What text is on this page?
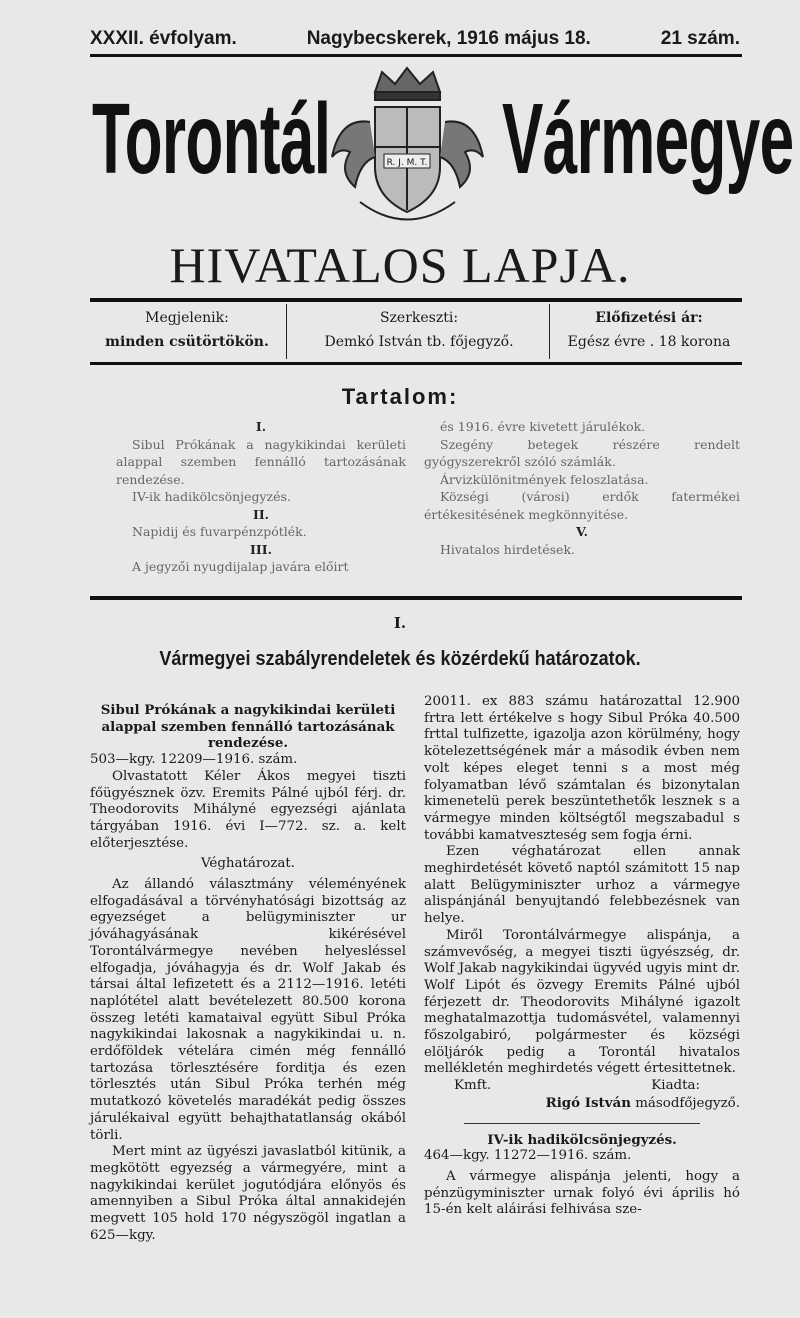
XXXII. évfolyam.	Nagybecskerek, 1916 május 18.	21 szám.
Torontál Vármegye
R. J. M. T.
HIVATALOS LAPJA.
Megjelenik:
minden csütörtökön.
Szerkeszti:
Demkó István tb. főjegyző.
Előfizetési ár:
Egész évre . 18 korona
Tartalom:
I.
Sibul Prókának a nagykikindai kerületi alappal szemben fennálló tartozásának rendezése.
IV-ik hadikölcsönjegyzés.
II.
Napidij és fuvarpénzpótlék.
III.
A jegyzői nyugdijalap javára előirt
és 1916. évre kivetett járulékok.
Szegény betegek részére rendelt gyógyszerekről szóló számlák.
Árvizkülönitmények feloszlatása.
Községi (városi) erdők fatermékei értékesitésének megkönnyitése.
V.
Hivatalos hirdetések.
I.
Vármegyei szabályrendeletek és közérdekű határozatok.

Sibul Prókának a nagykikindai kerületi alappal szemben fennálló tartozásának rendezése.

503—kgy. 12209—1916. szám.

Olvastatott Kéler Ákos megyei tiszti főügyésznek özv. Eremits Pálné ujból férj. dr. Theodorovits Mihályné egyezségi ajánlata tárgyában 1916. évi I—772. sz. a. kelt előterjesztése.

Véghatározat.

Az állandó választmány véleményének elfogadásával a törvényhatósági bizottság az egyezséget a belügyminiszter ur jóváhagyásának kikérésével Torontálvármegye nevében helyesléssel elfogadja, jóváhagyja és dr. Wolf Jakab és társai által lefizetett és a 2112—1916. letéti naplótétel alatt bevételezett 80.500 korona összeg letéti kamataival együtt Sibul Próka nagykikindai lakosnak a nagykikindai u. n. erdőföldek vételára cimén még fennálló tartozása törlesztésére forditja és ezen törlesztés után Sibul Próka terhén még mutatkozó követelés maradékát pedig összes járulékaival együtt behajthatatlanság okából törli.

Mert mint az ügyészi javaslatból kitünik, a megkötött egyezség a vármegyére, mint a nagykikindai kerület jogutódjára előnyös és amennyiben a Sibul Próka által annakidején megvett 105 hold 170 négyszögöl ingatlan a 625—kgy.

20011. ex 883 számu határozattal 12.900 frtra lett értékelve s hogy Sibul Próka 40.500 frttal tulfizette, igazolja azon körülmény, hogy kötelezettségének már a második évben nem volt képes eleget tenni s a most még folyamatban lévő számtalan és bizonytalan kimenetelü perek beszüntethetők lesznek s a vármegye minden költségtől megszabadul s további kamatveszteség sem fogja érni.

Ezen véghatározat ellen annak meghirdetését követő naptól számitott 15 nap alatt Belügyminiszter urhoz a vármegye alispánjánál benyujtandó felebbezésnek van helye.

Miről Torontálvármegye alispánja, a számvevőség, a megyei tiszti ügyészség, dr. Wolf Jakab nagykikindai ügyvéd ugyis mint dr. Wolf Lipót és özvegy Eremits Pálné ujból férjezett dr. Theodorovits Mihályné igazolt meghatalmazottja tudomásvétel, valamennyi főszolgabiró, polgármester és községi elöljárók pedig a Torontál hivatalos mellékletén meghirdetés végett értesittetnek.

Kmft.	Kiadta:

Rigó István másodfőjegyző.

IV-ik hadikölcsönjegyzés.

464—kgy. 11272—1916. szám.

A vármegye alispánja jelenti, hogy a pénzügyminiszter urnak folyó évi április hó 15-én kelt aláirási felhivása sze-
